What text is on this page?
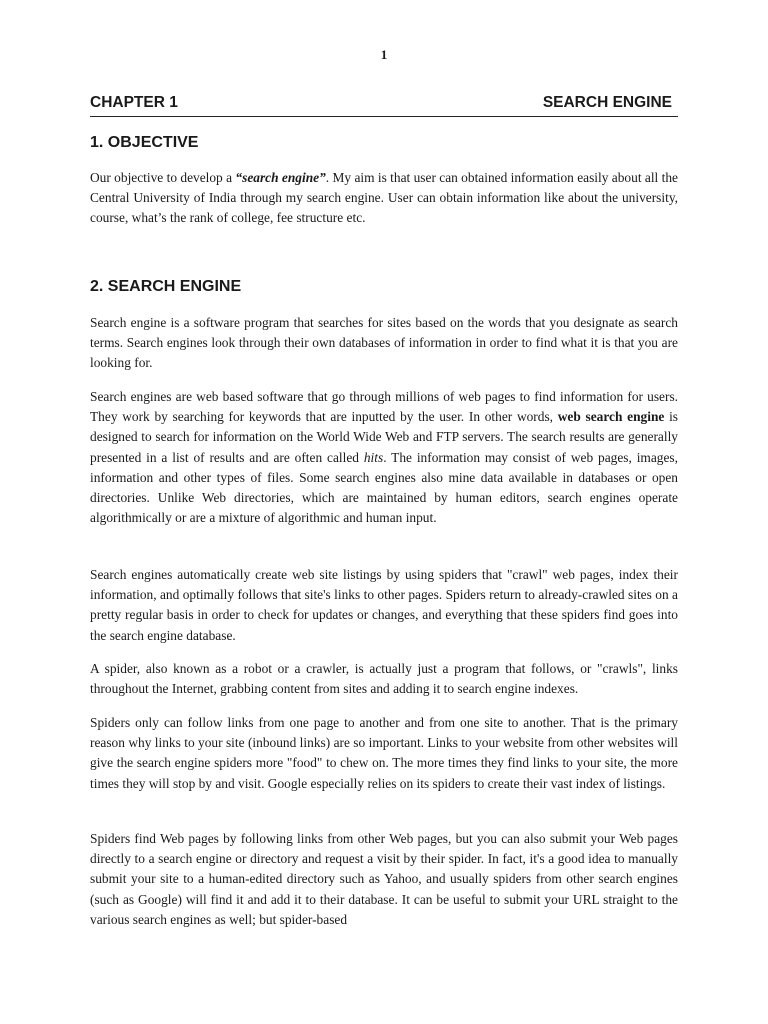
1
CHAPTER 1	SEARCH ENGINE
1. OBJECTIVE

Our objective to develop a “search engine”. My aim is that user can obtained information easily about all the Central University of India through my search engine. User can obtain information like about the university, course, what’s the rank of college, fee structure etc.

2. SEARCH ENGINE

Search engine is a software program that searches for sites based on the words that you designate as search terms. Search engines look through their own databases of information in order to find what it is that you are looking for.

Search engines are web based software that go through millions of web pages to find information for users. They work by searching for keywords that are inputted by the user. In other words, web search engine is designed to search for information on the World Wide Web and FTP servers. The search results are generally presented in a list of results and are often called hits. The information may consist of web pages, images, information and other types of files. Some search engines also mine data available in databases or open directories. Unlike Web directories, which are maintained by human editors, search engines operate algorithmically or are a mixture of algorithmic and human input.

Search engines automatically create web site listings by using spiders that "crawl" web pages, index their information, and optimally follows that site's links to other pages. Spiders return to already-crawled sites on a pretty regular basis in order to check for updates or changes, and everything that these spiders find goes into the search engine database.

A spider, also known as a robot or a crawler, is actually just a program that follows, or "crawls", links throughout the Internet, grabbing content from sites and adding it to search engine indexes.

Spiders only can follow links from one page to another and from one site to another. That is the primary reason why links to your site (inbound links) are so important. Links to your website from other websites will give the search engine spiders more "food" to chew on. The more times they find links to your site, the more times they will stop by and visit. Google especially relies on its spiders to create their vast index of listings.

Spiders find Web pages by following links from other Web pages, but you can also submit your Web pages directly to a search engine or directory and request a visit by their spider. In fact, it's a good idea to manually submit your site to a human-edited directory such as Yahoo, and usually spiders from other search engines (such as Google) will find it and add it to their database. It can be useful to submit your URL straight to the various search engines as well; but spider-based
